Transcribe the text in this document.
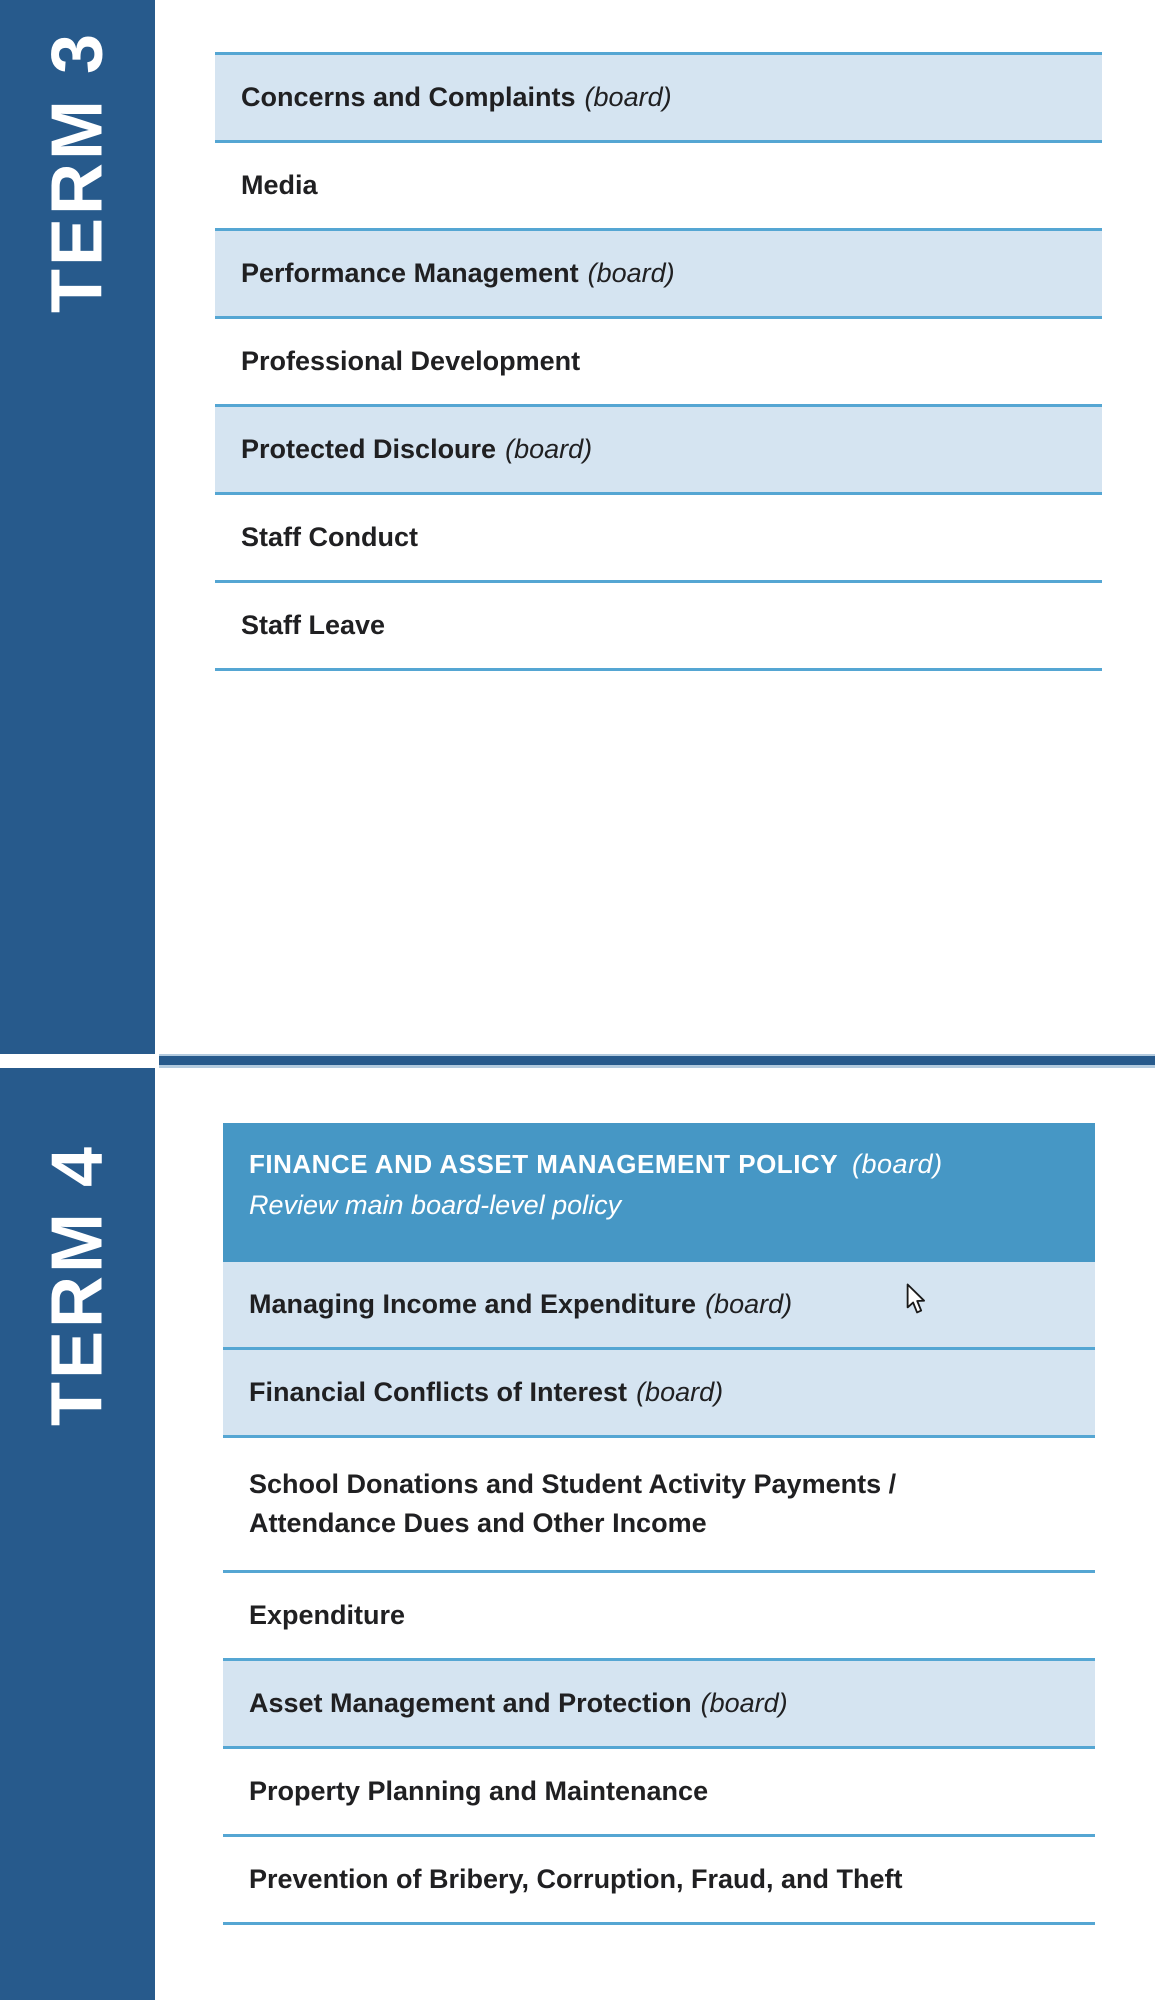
TERM 3
TERM 4
Concerns and Complaints (board)
Media
Performance Management (board)
Professional Development
Protected Discloure (board)
Staff Conduct
Staff Leave
FINANCE AND ASSET MANAGEMENT POLICY (board)
Review main board-level policy
Managing Income and Expenditure (board)
Financial Conflicts of Interest (board)
School Donations and Student Activity Payments /
Attendance Dues and Other Income
Expenditure
Asset Management and Protection (board)
Property Planning and Maintenance
Prevention of Bribery, Corruption, Fraud, and Theft
